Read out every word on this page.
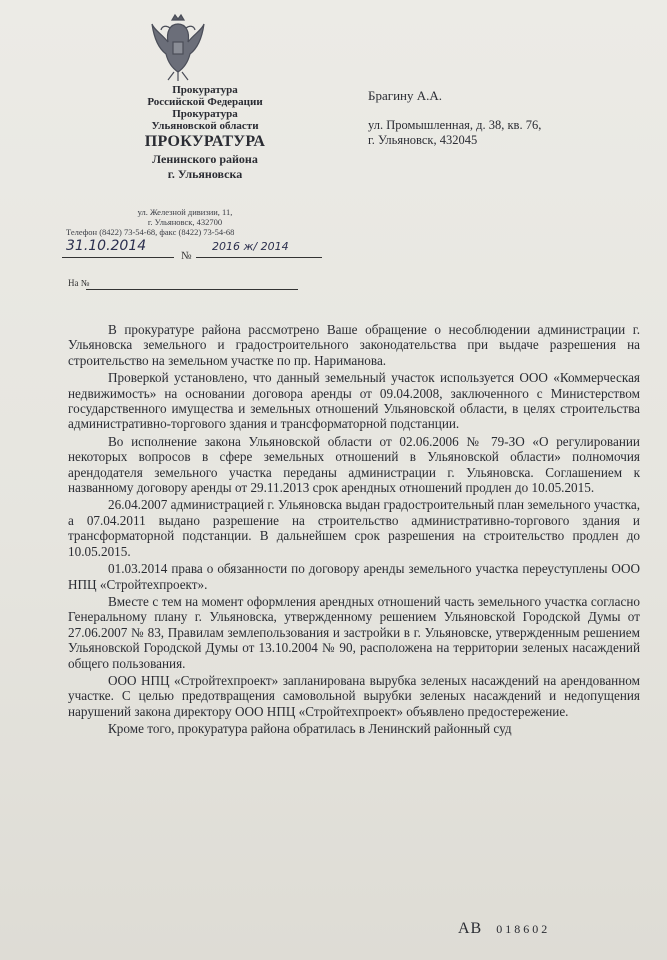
Прокуратура
Российской Федерации
Прокуратура
Ульяновской области
ПРОКУРАТУРА
Ленинского района
г. Ульяновска
ул. Железной дивизии, 11,
г. Ульяновск, 432700
Телефон (8422) 73-54-68, факс (8422) 73-54-68
31.10.2014
№
2016 ж/ 2014
На №
Брагину А.А.
ул. Промышленная, д. 38, кв. 76,
г. Ульяновск, 432045

В прокуратуре района рассмотрено Ваше обращение о несоблюдении администрации г. Ульяновска земельного и градостроительного законодательства при выдаче разрешения на строительство на земельном участке по пр. Нариманова.

Проверкой установлено, что данный земельный участок используется ООО «Коммерческая недвижимость» на основании договора аренды от 09.04.2008, заключенного с Министерством государственного имущества и земельных отношений Ульяновской области, в целях строительства административно-торгового здания и трансформаторной подстанции.

Во исполнение закона Ульяновской области от 02.06.2006 № 79-ЗО «О регулировании некоторых вопросов в сфере земельных отношений в Ульяновской области» полномочия арендодателя земельного участка переданы администрации г. Ульяновска. Соглашением к названному договору аренды от 29.11.2013 срок арендных отношений продлен до 10.05.2015.

26.04.2007 администрацией г. Ульяновска выдан градостроительный план земельного участка, а 07.04.2011 выдано разрешение на строительство административно-торгового здания и трансформаторной подстанции. В дальнейшем срок разрешения на строительство продлен до 10.05.2015.

01.03.2014 права о обязанности по договору аренды земельного участка переуступлены ООО НПЦ «Стройтехпроект».

Вместе с тем на момент оформления арендных отношений часть земельного участка согласно Генеральному плану г. Ульяновска, утвержденному решением Ульяновской Городской Думы от 27.06.2007 № 83, Правилам землепользования и застройки в г. Ульяновске, утвержденным решением Ульяновской Городской Думы от 13.10.2004 № 90, расположена на территории зеленых насаждений общего пользования.

ООО НПЦ «Стройтехпроект» запланирована вырубка зеленых насаждений на арендованном участке. С целью предотвращения самовольной вырубки зеленых насаждений и недопущения нарушений закона директору ООО НПЦ «Стройтехпроект» объявлено предостережение.

Кроме того, прокуратура района обратилась в Ленинский районный суд

АВ 018602
